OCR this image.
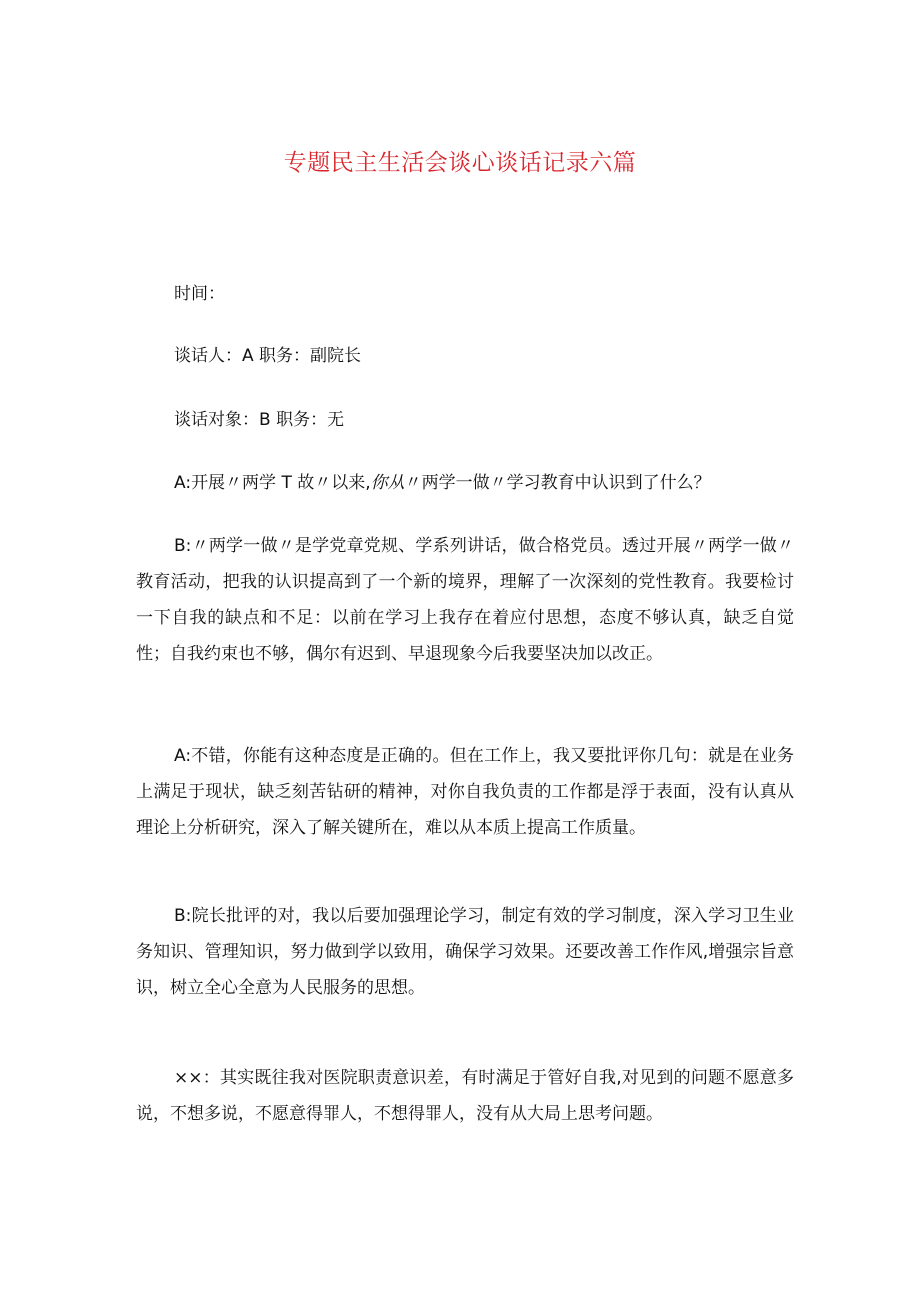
专题民主生活会谈心谈话记录六篇

时间：

谈话人：A 职务：副院长

谈话对象：B 职务：无

A:开展〃两学 T 故〃以来,你从〃两学一做〃学习教育中认识到了什么？

B:〃两学一做〃是学党章党规、学系列讲话，做合格党员。透过开展〃两学一做〃教育活动，把我的认识提高到了一个新的境界，理解了一次深刻的党性教育。我要检讨一下自我的缺点和不足：以前在学习上我存在着应付思想，态度不够认真，缺乏自觉性；自我约束也不够，偶尔有迟到、早退现象今后我要坚决加以改正。

A:不错，你能有这种态度是正确的。但在工作上，我又要批评你几句：就是在业务上满足于现状，缺乏刻苦钻研的精神，对你自我负责的工作都是浮于表面，没有认真从理论上分析研究，深入了解关键所在，难以从本质上提高工作质量。

B:院长批评的对，我以后要加强理论学习，制定有效的学习制度，深入学习卫生业务知识、管理知识，努力做到学以致用，确保学习效果。还要改善工作作风,增强宗旨意识，树立全心全意为人民服务的思想。

××：其实既往我对医院职责意识差，有时满足于管好自我,对见到的问题不愿意多说，不想多说，不愿意得罪人，不想得罪人，没有从大局上思考问题。
